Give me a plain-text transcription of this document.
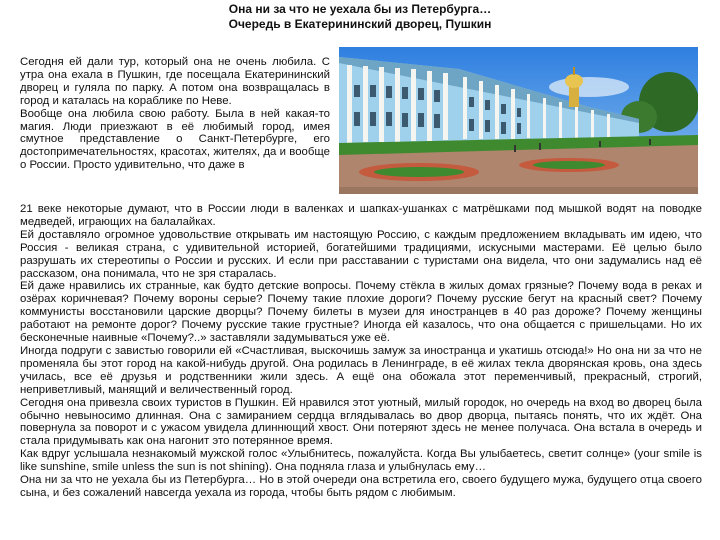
Она ни за что не уехала бы из Петербурга…
Очередь в Екатерининский дворец, Пушкин

Сегодня ей дали тур, который она не очень любила. С утра она ехала в Пушкин, где посещала Екатерининский дворец и гуляла по парку. А потом она возвращалась в город и каталась на кораблике по Неве.

Вообще она любила свою работу. Была в ней какая-то магия. Люди приезжают в её любимый город, имея смутное представление о Санкт-Петербурге, его достопримечательностях, красотах, жителях, да и вообще о России. Просто удивительно, что даже в

21 веке некоторые думают, что в России люди в валенках и шапках-ушанках с матрёшками под мышкой водят на поводке медведей, играющих на балалайках.

Ей доставляло огромное удовольствие открывать им настоящую Россию, с каждым предложением вкладывать им идею, что Россия - великая страна, с удивительной историей, богатейшими традициями, искусными мастерами. Её целью было разрушать их стереотипы о России и русских. И если при расставании с туристами она видела, что они задумались над её рассказом, она понимала, что не зря старалась.

Ей даже нравились их странные, как будто детские вопросы. Почему стёкла в жилых домах грязные? Почему вода в реках и озёрах коричневая? Почему вороны серые? Почему такие плохие дороги? Почему русские бегут на красный свет? Почему коммунисты восстановили царские дворцы? Почему билеты в музеи для иностранцев в 40 раз дороже? Почему женщины работают на ремонте дорог? Почему русские такие грустные? Иногда ей казалось, что она общается с пришельцами. Но их бесконечные наивные «Почему?..» заставляли задумываться уже её.

Иногда подруги с завистью говорили ей «Счастливая, выскочишь замуж за иностранца и укатишь отсюда!» Но она ни за что не променяла бы этот город на какой-нибудь другой. Она родилась в Ленинграде, в её жилах текла дворянская кровь, она здесь училась, все её друзья и родственники жили здесь. А ещё она обожала этот переменчивый, прекрасный, строгий, неприветливый, манящий и величественный город.

Сегодня она привезла своих туристов в Пушкин. Ей нравился этот уютный, милый городок, но очередь на вход во дворец была обычно невыносимо длинная. Она с замиранием сердца вглядывалась во двор дворца, пытаясь понять, что их ждёт. Она повернула за поворот и с ужасом увидела длиннющий хвост. Они потеряют здесь не менее получаса. Она встала в очередь и стала придумывать как она нагонит это потерянное время.

Как вдруг услышала незнакомый мужской голос «Улыбнитесь, пожалуйста. Когда Вы улыбаетесь, светит солнце» (your smile is like sunshine, smile unless the sun is not shining). Она подняла глаза и улыбнулась ему…

Она ни за что не уехала бы из Петербурга… Но в этой очереди она встретила его, своего будущего мужа, будущего отца своего сына, и без сожалений навсегда уехала из города, чтобы быть рядом с любимым.
